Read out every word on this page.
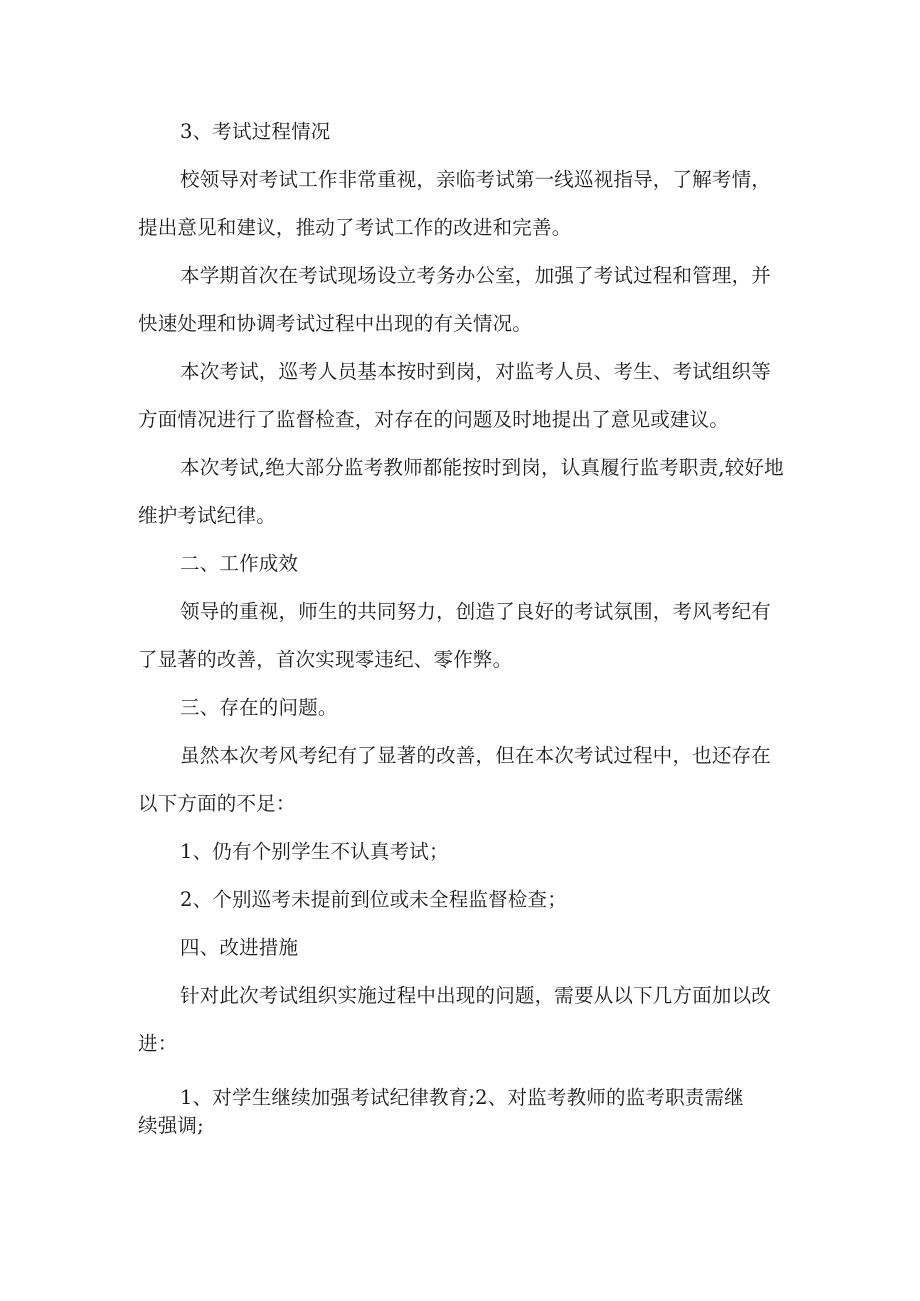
3、考试过程情况

校领导对考试工作非常重视，亲临考试第一线巡视指导，了解考情，提出意见和建议，推动了考试工作的改进和完善。

本学期首次在考试现场设立考务办公室，加强了考试过程和管理，并快速处理和协调考试过程中出现的有关情况。

本次考试，巡考人员基本按时到岗，对监考人员、考生、考试组织等方面情况进行了监督检查，对存在的问题及时地提出了意见或建议。

本次考试,绝大部分监考教师都能按时到岗，认真履行监考职责,较好地维护考试纪律。

二、工作成效

领导的重视，师生的共同努力，创造了良好的考试氛围，考风考纪有了显著的改善，首次实现零违纪、零作弊。

三、存在的问题。

虽然本次考风考纪有了显著的改善，但在本次考试过程中，也还存在以下方面的不足：

1、仍有个别学生不认真考试；

2、个别巡考未提前到位或未全程监督检查；

四、改进措施

针对此次考试组织实施过程中出现的问题，需要从以下几方面加以改进：

1、对学生继续加强考试纪律教育;2、对监考教师的监考职责需继续强调;
